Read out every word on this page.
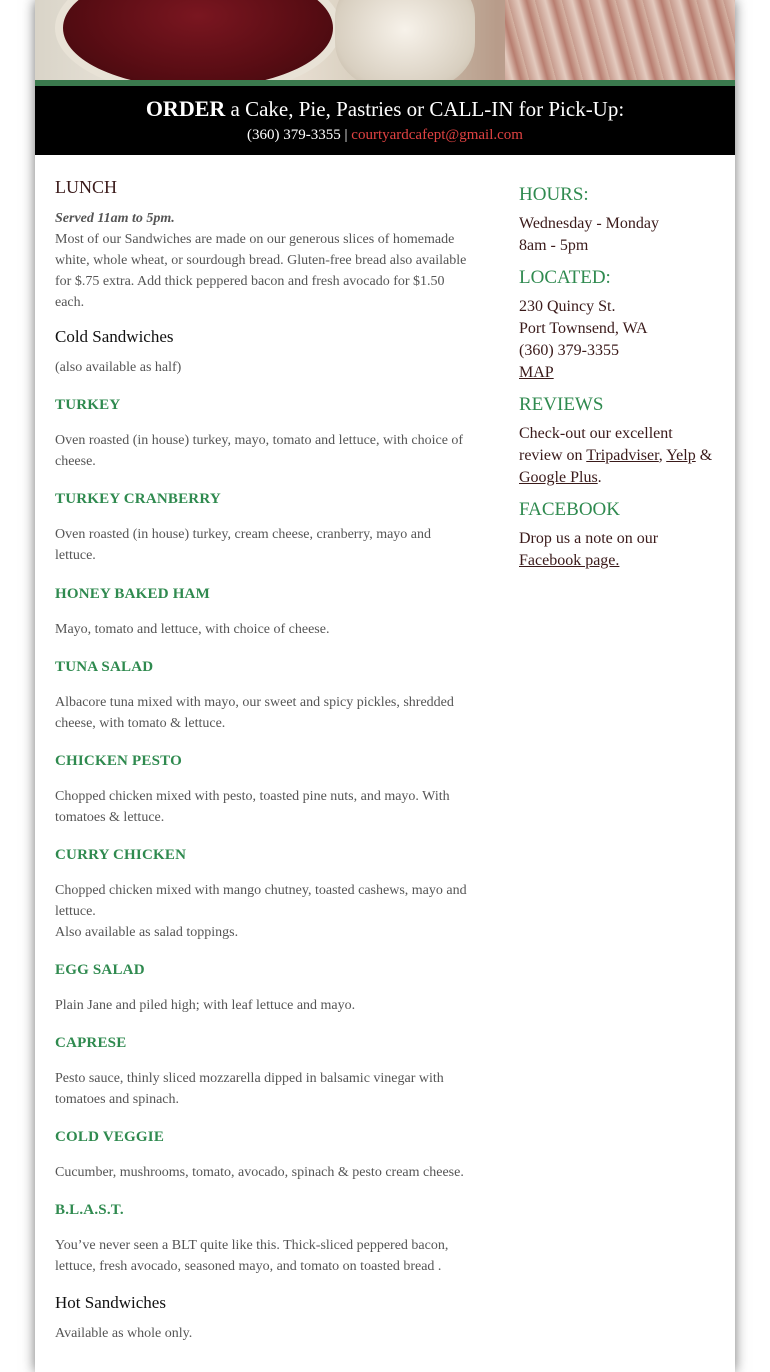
ORDER a Cake, Pie, Pastries or CALL-IN for Pick-Up:
(360) 379-3355 | courtyardcafept@gmail.com
LUNCH

Served 11am to 5pm.

Most of our Sandwiches are made on our generous slices of homemade white, whole wheat, or sourdough bread. Gluten-free bread also available for $.75 extra. Add thick peppered bacon and fresh avocado for $1.50 each.

Cold Sandwiches

(also available as half)

TURKEY

Oven roasted (in house) turkey, mayo, tomato and lettuce, with choice of cheese.

TURKEY CRANBERRY

Oven roasted (in house) turkey, cream cheese, cranberry, mayo and lettuce.

HONEY BAKED HAM

Mayo, tomato and lettuce, with choice of cheese.

TUNA SALAD

Albacore tuna mixed with mayo, our sweet and spicy pickles, shredded cheese, with tomato & lettuce.

CHICKEN PESTO

Chopped chicken mixed with pesto, toasted pine nuts, and mayo. With tomatoes & lettuce.

CURRY CHICKEN

Chopped chicken mixed with mango chutney, toasted cashews, mayo and lettuce.

Also available as salad toppings.

EGG SALAD

Plain Jane and piled high; with leaf lettuce and mayo.

CAPRESE

Pesto sauce, thinly sliced mozzarella dipped in balsamic vinegar with tomatoes and spinach.

COLD VEGGIE

Cucumber, mushrooms, tomato, avocado, spinach & pesto cream cheese.

B.L.A.S.T.

You’ve never seen a BLT quite like this. Thick-sliced peppered bacon, lettuce, fresh avocado, seasoned mayo, and tomato on toasted bread .

Hot Sandwiches

Available as whole only.

HOURS:

Wednesday - Monday

8am - 5pm

LOCATED:

230 Quincy St.

Port Townsend, WA

(360) 379-3355

MAP

REVIEWS

Check-out our excellent review on Tripadviser, Yelp & Google Plus.

FACEBOOK

Drop us a note on our Facebook page.
